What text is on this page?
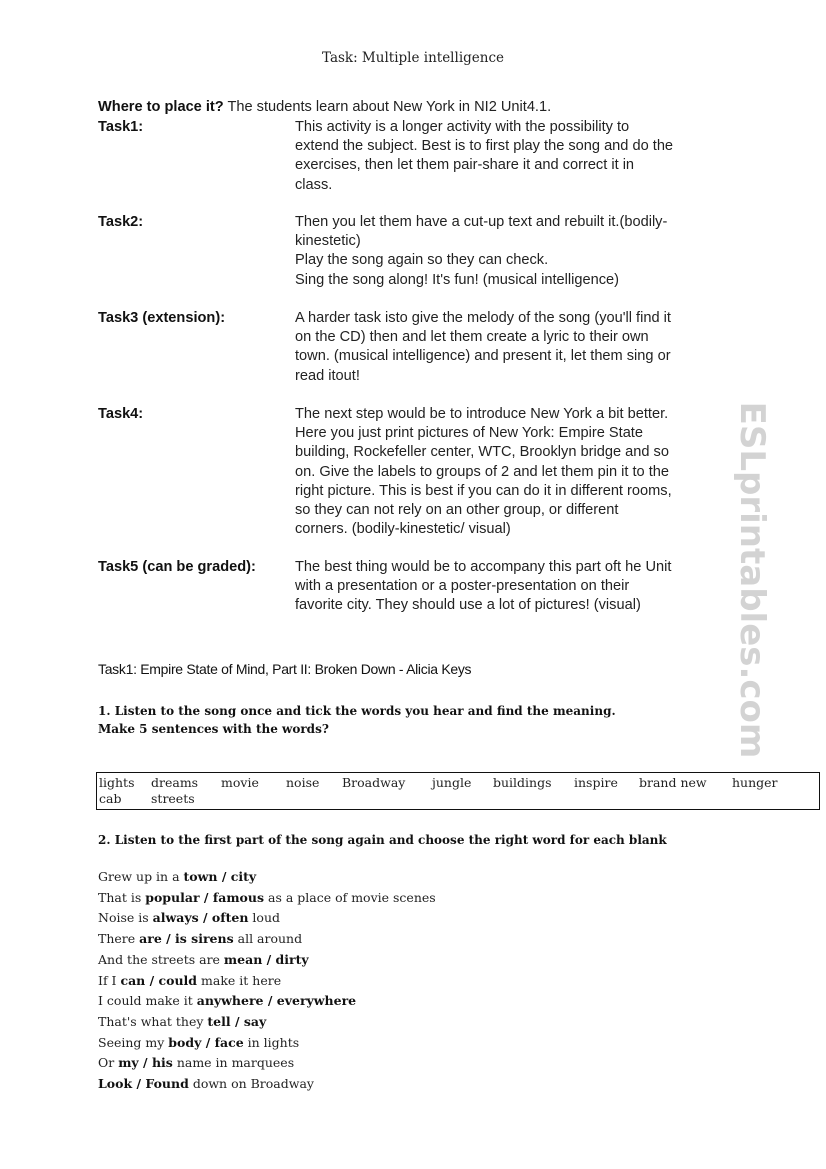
ESLprintables.com
Task: Multiple intelligence
Where to place it? The students learn about New York in NI2 Unit4.1.
Task1:	This activity is a longer activity with the possibility to
extend the subject. Best is to first play the song and do the
exercises, then let them pair-share it and correct it in
class.
Task2:	Then you let them have a cut-up text and rebuilt it.(bodily-
kinestetic)
Play the song again so they can check.
Sing the song along! It's fun! (musical intelligence)
Task3 (extension):	A harder task isto give the melody of the song (you'll find it
on the CD) then and let them create a lyric to their own
town. (musical intelligence) and present it, let them sing or
read itout!
Task4:	The next step would be to introduce New York a bit better.
Here you just print pictures of New York: Empire State
building, Rockefeller center, WTC, Brooklyn bridge and so
on. Give the labels to groups of 2 and let them pin it to the
right picture. This is best if you can do it in different rooms,
so they can not rely on an other group, or different
corners. (bodily-kinestetic/ visual)
Task5 (can be graded):	The best thing would be to accompany this part oft he Unit
with a presentation or a poster-presentation on their
favorite city. They should use a lot of pictures! (visual)
Task1: Empire State of Mind, Part II: Broken Down - Alicia Keys
1. Listen to the song once and tick the words you hear and find the meaning.
Make 5 sentences with the words?
lights dreams movie noise Broadway jungle buildings inspire brand new hunger
cab streets
2. Listen to the first part of the song again and choose the right word for each blank
Grew up in a town / city
That is popular / famous as a place of movie scenes
Noise is always / often loud
There are / is sirens all around
And the streets are mean / dirty
If I can / could make it here
I could make it anywhere / everywhere
That's what they tell / say
Seeing my body / face in lights
Or my / his name in marquees
Look / Found down on Broadway
